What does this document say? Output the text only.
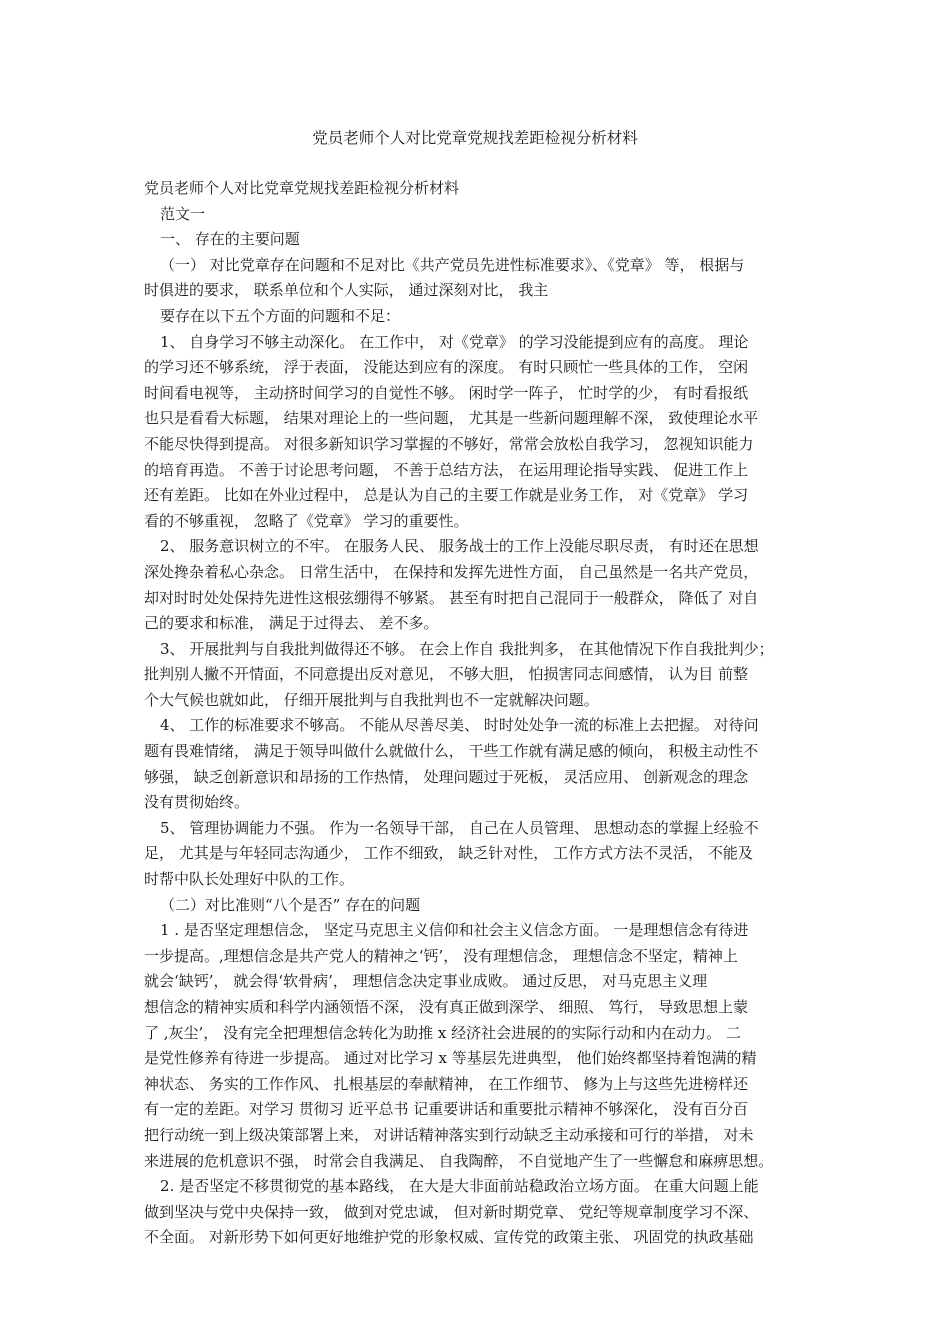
党员老师个人对比党章党规找差距检视分析材料
党员老师个人对比党章党规找差距检视分析材料
范文一
一、 存在的主要问题
（一） 对比党章存在问题和不足对比《共产党员先进性标准要求》、《党章》 等， 根据与
时俱进的要求， 联系单位和个人实际， 通过深刻对比， 我主
要存在以下五个方面的问题和不足：
1、 自身学习不够主动深化。 在工作中， 对《党章》 的学习没能提到应有的高度。 理论
的学习还不够系统， 浮于表面， 没能达到应有的深度。 有时只顾忙一些具体的工作， 空闲
时间看电视等， 主动挤时间学习的自觉性不够。 闲时学一阵子， 忙时学的少， 有时看报纸
也只是看看大标题， 结果对理论上的一些问题， 尤其是一些新问题理解不深， 致使理论水平
不能尽快得到提高。 对很多新知识学习掌握的不够好，常常会放松自我学习， 忽视知识能力
的培育再造。 不善于讨论思考问题， 不善于总结方法， 在运用理论指导实践、 促进工作上
还有差距。 比如在外业过程中， 总是认为自己的主要工作就是业务工作， 对《党章》 学习
看的不够重视， 忽略了《党章》 学习的重要性。
2、 服务意识树立的不牢。 在服务人民、 服务战士的工作上没能尽职尽责， 有时还在思想
深处搀杂着私心杂念。 日常生活中， 在保持和发挥先进性方面， 自己虽然是一名共产党员，
却对时时处处保持先进性这根弦绷得不够紧。 甚至有时把自己混同于一般群众， 降低了 对自
己的要求和标准， 满足于过得去、 差不多。
3、 开展批判与自我批判做得还不够。 在会上作自 我批判多， 在其他情况下作自我批判少；
批判别人撇不开情面，不同意提出反对意见， 不够大胆， 怕损害同志间感情， 认为目 前整
个大气候也就如此， 仔细开展批判与自我批判也不一定就解决问题。
4、 工作的标准要求不够高。 不能从尽善尽美、 时时处处争一流的标准上去把握。 对待问
题有畏难情绪， 满足于领导叫做什么就做什么， 干些工作就有满足感的倾向， 积极主动性不
够强， 缺乏创新意识和昂扬的工作热情， 处理问题过于死板， 灵活应用、 创新观念的理念
没有贯彻始终。
5、 管理协调能力不强。 作为一名领导干部， 自己在人员管理、 思想动态的掌握上经验不
足， 尤其是与年轻同志沟通少， 工作不细致， 缺乏针对性， 工作方式方法不灵活， 不能及
时帮中队长处理好中队的工作。
（二）对比准则“八个是否” 存在的问题
1 . 是否坚定理想信念， 坚定马克思主义信仰和社会主义信念方面。 一是理想信念有待进
一步提高。,理想信念是共产党人的精神之‘钙’， 没有理想信念， 理想信念不坚定，精神上
就会‘缺钙’， 就会得‘软骨病’， 理想信念决定事业成败。 通过反思， 对马克思主义理
想信念的精神实质和科学内涵领悟不深， 没有真正做到深学、 细照、 笃行， 导致思想上蒙
了 ,灰尘’， 没有完全把理想信念转化为助推 x 经济社会进展的的实际行动和内在动力。 二
是党性修养有待进一步提高。 通过对比学习 x 等基层先进典型， 他们始终都坚持着饱满的精
神状态、 务实的工作作风、 扎根基层的奉献精神， 在工作细节、 修为上与这些先进榜样还
有一定的差距。对学习 贯彻习 近平总书 记重要讲话和重要批示精神不够深化， 没有百分百
把行动统一到上级决策部署上来， 对讲话精神落实到行动缺乏主动承接和可行的举措， 对未
来进展的危机意识不强， 时常会自我满足、 自我陶醉， 不自觉地产生了一些懈怠和麻痹思想。
2. 是否坚定不移贯彻党的基本路线， 在大是大非面前站稳政治立场方面。 在重大问题上能
做到坚决与党中央保持一致， 做到对党忠诚， 但对新时期党章、 党纪等规章制度学习不深、
不全面。 对新形势下如何更好地维护党的形象权威、宣传党的政策主张、 巩固党的执政基础
